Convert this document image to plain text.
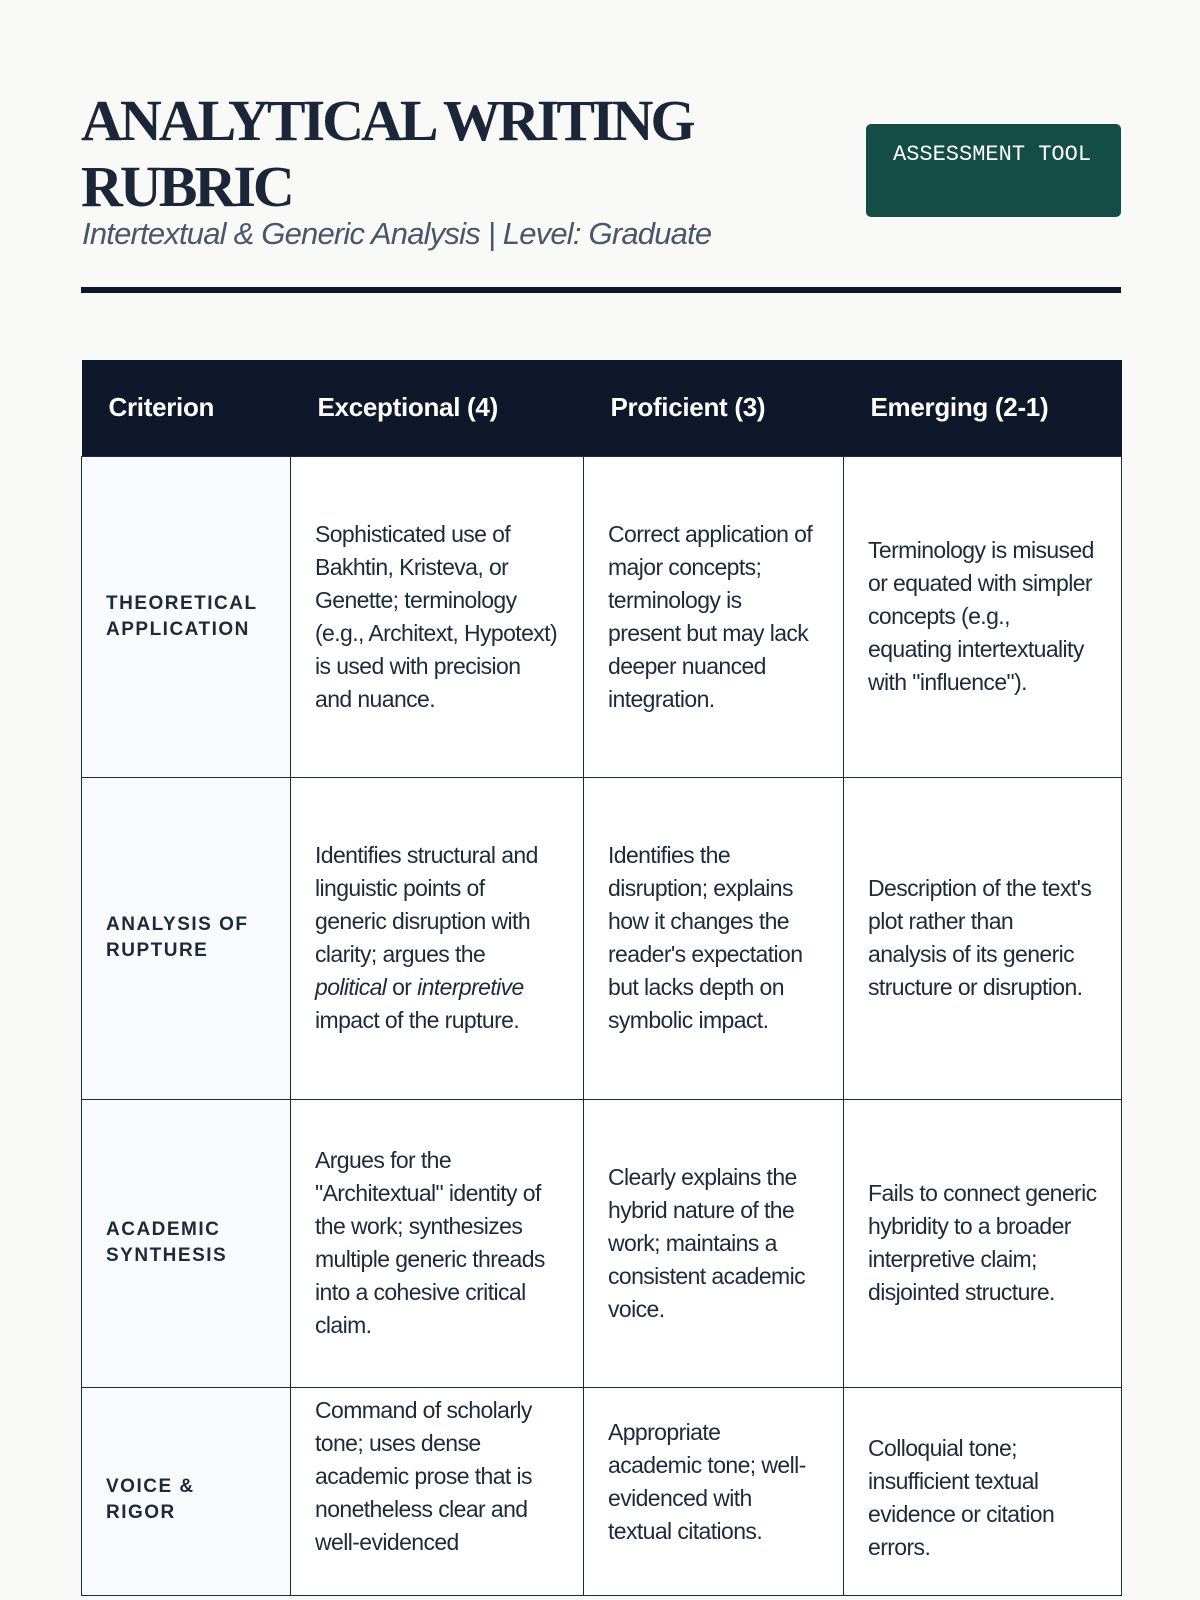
ANALYTICAL WRITING RUBRIC
Intertextual & Generic Analysis | Level: Graduate
ASSESSMENT TOOL
Criterion	Exceptional (4)	Proficient (3)	Emerging (2-1)
THEORETICAL APPLICATION	Sophisticated use of Bakhtin, Kristeva, or Genette; terminology (e.g., Architext, Hypotext) is used with precision and nuance.	Correct application of major concepts; terminology is present but may lack deeper nuanced integration.	Terminology is misused or equated with simpler concepts (e.g., equating intertextuality with "influence").
ANALYSIS OF RUPTURE	Identifies structural and linguistic points of generic disruption with clarity; argues the political or interpretive impact of the rupture.	Identifies the disruption; explains how it changes the reader's expectation but lacks depth on symbolic impact.	Description of the text's plot rather than analysis of its generic structure or disruption.
ACADEMIC SYNTHESIS	Argues for the "Architextual" identity of the work; synthesizes multiple generic threads into a cohesive critical claim.	Clearly explains the hybrid nature of the work; maintains a consistent academic voice.	Fails to connect generic hybridity to a broader interpretive claim; disjointed structure.
VOICE & RIGOR	Command of scholarly tone; uses dense academic prose that is nonetheless clear and well-evidenced	Appropriate academic tone; well-evidenced with textual citations.	Colloquial tone; insufficient textual evidence or citation errors.
